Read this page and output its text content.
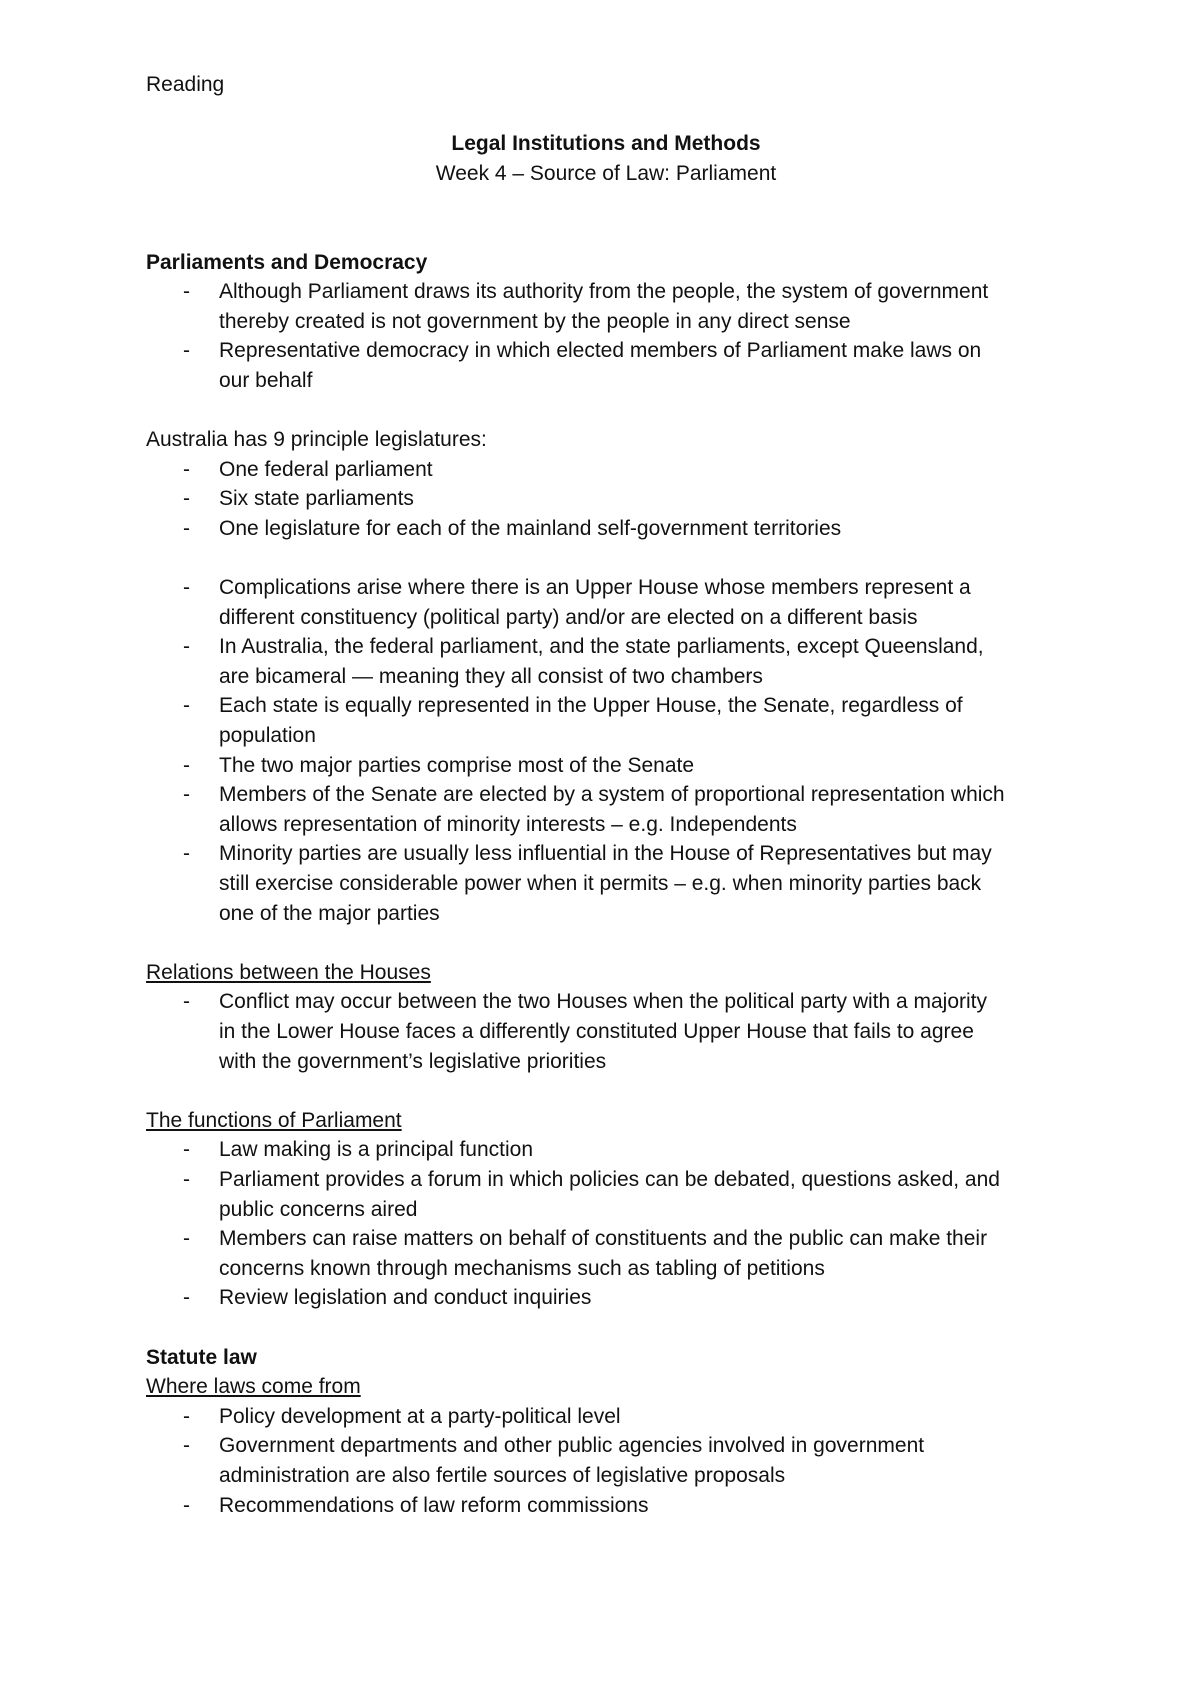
Reading

Legal Institutions and Methods

Week 4 – Source of Law: Parliament

Parliaments and Democracy

- Although Parliament draws its authority from the people, the system of government
thereby created is not government by the people in any direct sense
- Representative democracy in which elected members of Parliament make laws on
our behalf

Australia has 9 principle legislatures:

- One federal parliament
- Six state parliaments
- One legislature for each of the mainland self-government territories
- Complications arise where there is an Upper House whose members represent a
different constituency (political party) and/or are elected on a different basis
- In Australia, the federal parliament, and the state parliaments, except Queensland,
are bicameral — meaning they all consist of two chambers
- Each state is equally represented in the Upper House, the Senate, regardless of
population
- The two major parties comprise most of the Senate
- Members of the Senate are elected by a system of proportional representation which
allows representation of minority interests – e.g. Independents
- Minority parties are usually less influential in the House of Representatives but may
still exercise considerable power when it permits – e.g. when minority parties back
one of the major parties

Relations between the Houses

- Conflict may occur between the two Houses when the political party with a majority
in the Lower House faces a differently constituted Upper House that fails to agree
with the government’s legislative priorities

The functions of Parliament

- Law making is a principal function
- Parliament provides a forum in which policies can be debated, questions asked, and
public concerns aired
- Members can raise matters on behalf of constituents and the public can make their
concerns known through mechanisms such as tabling of petitions
- Review legislation and conduct inquiries

Statute law

Where laws come from

- Policy development at a party-political level
- Government departments and other public agencies involved in government
administration are also fertile sources of legislative proposals
- Recommendations of law reform commissions
